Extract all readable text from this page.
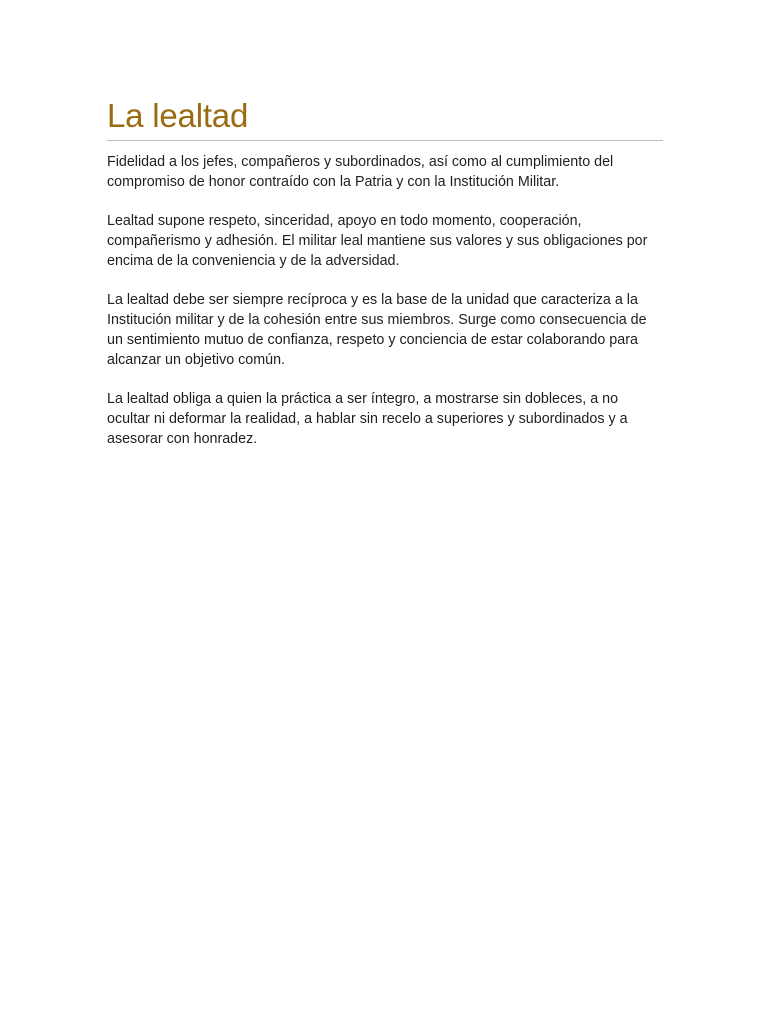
La lealtad

Fidelidad a los jefes, compañeros y subordinados, así como al cumplimiento del compromiso de honor contraído con la Patria y con la Institución Militar.

Lealtad supone respeto, sinceridad, apoyo en todo momento, cooperación, compañerismo y adhesión. El militar leal mantiene sus valores y sus obligaciones por encima de la conveniencia y de la adversidad.

La lealtad debe ser siempre recíproca y es la base de la unidad que caracteriza a la Institución militar y de la cohesión entre sus miembros. Surge como consecuencia de un sentimiento mutuo de confianza, respeto y conciencia de estar colaborando para alcanzar un objetivo común.

La lealtad obliga a quien la práctica a ser íntegro, a mostrarse sin dobleces, a no ocultar ni deformar la realidad, a hablar sin recelo a superiores y subordinados y a asesorar con honradez.
